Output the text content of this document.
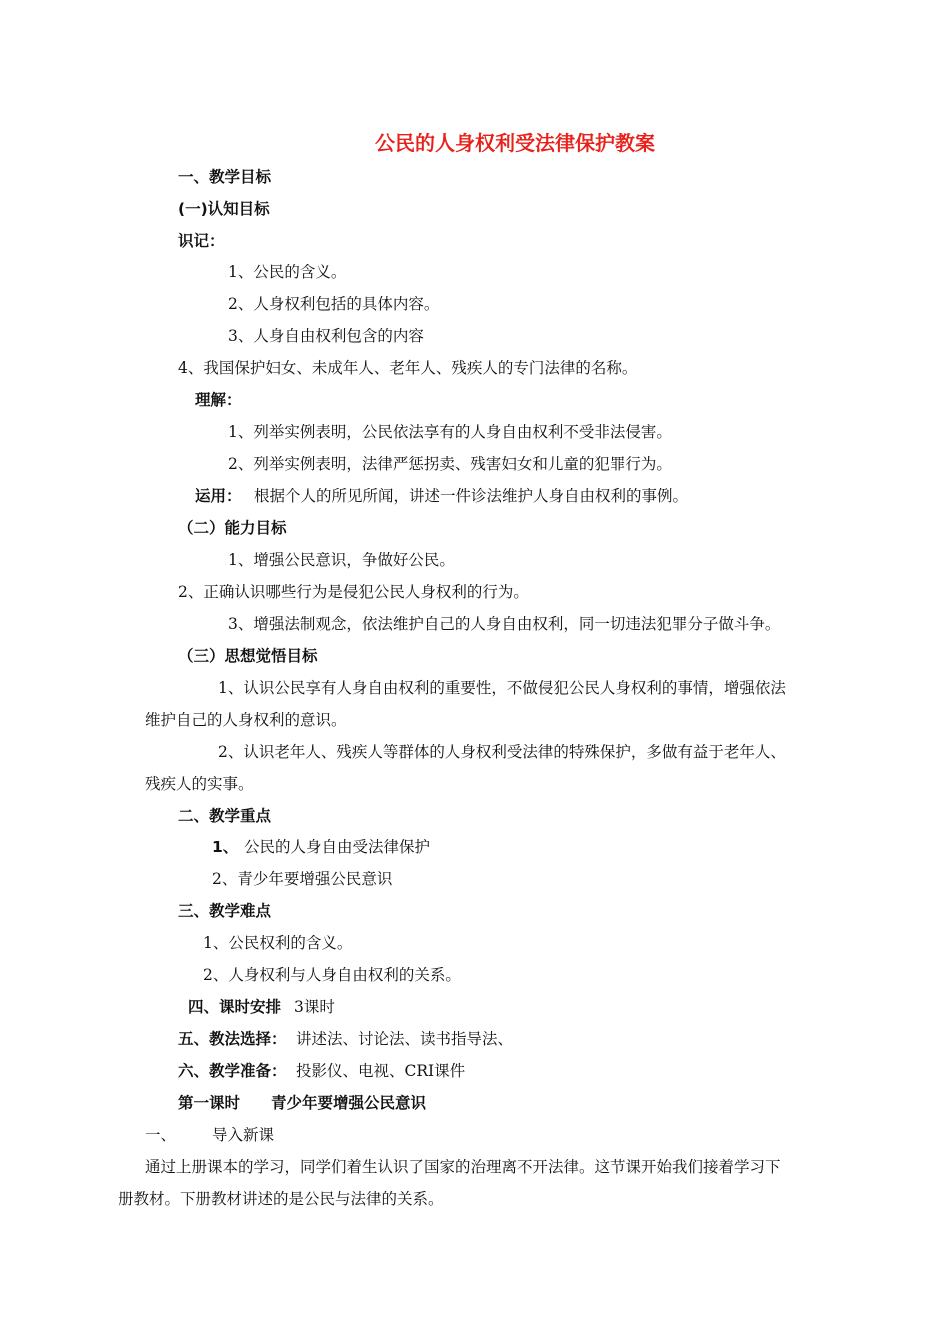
公民的人身权利受法律保护教案
一、教学目标
(一)认知目标
识记：
1、公民的含义。
2、人身权利包括的具体内容。
3、人身自由权利包含的内容
4、我国保护妇女、未成年人、老年人、残疾人的专门法律的名称。
理解：
1、列举实例表明，公民依法享有的人身自由权利不受非法侵害。
2、列举实例表明，法律严惩拐卖、残害妇女和儿童的犯罪行为。
运用： 根据个人的所见所闻，讲述一件诊法维护人身自由权利的事例。
（二）能力目标
1、增强公民意识，争做好公民。
2、正确认识哪些行为是侵犯公民人身权利的行为。
3、增强法制观念，依法维护自己的人身自由权利，同一切违法犯罪分子做斗争。
（三）思想觉悟目标
1、认识公民享有人身自由权利的重要性，不做侵犯公民人身权利的事情，增强依法
维护自己的人身权利的意识。
2、认识老年人、残疾人等群体的人身权利受法律的特殊保护，多做有益于老年人、
残疾人的实事。
二、教学重点
1、 公民的人身自由受法律保护
2、青少年要增强公民意识
三、教学难点
1、公民权利的含义。
2、人身权利与人身自由权利的关系。
四、课时安排 3课时
五、教法选择： 讲述法、讨论法、读书指导法、
六、教学准备： 投影仪、电视、CRI课件
第一课时　　青少年要增强公民意识
一、 导入新课
通过上册课本的学习，同学们着生认识了国家的治理离不开法律。这节课开始我们接着学习下
册教材。下册教材讲述的是公民与法律的关系。
